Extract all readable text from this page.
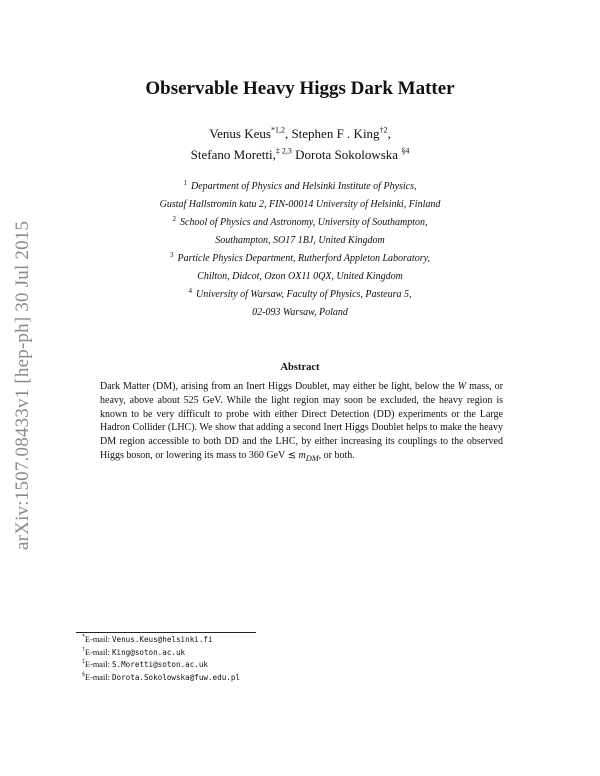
arXiv:1507.08433v1 [hep-ph] 30 Jul 2015
Observable Heavy Higgs Dark Matter
Venus Keus$^{*1,2}$, Stephen F . King$^{\dagger 2}$,
Stefano Moretti,$^{\ddagger 2,3}$ Dorota Sokolowska $^{\S 4}$
$^1$ Department of Physics and Helsinki Institute of Physics,
Gustaf Hallstromin katu 2, FIN-00014 University of Helsinki, Finland
$^2$ School of Physics and Astronomy, University of Southampton,
Southampton, SO17 1BJ, United Kingdom
$^3$ Particle Physics Department, Rutherford Appleton Laboratory,
Chilton, Didcot, Ozon OX11 0QX, United Kingdom
$^4$ University of Warsaw, Faculty of Physics, Pasteura 5,
02-093 Warsaw, Poland
Abstract
Dark Matter (DM), arising from an Inert Higgs Doublet, may either be light, below the W mass, or heavy, above about 525 GeV. While the light region may soon be excluded, the heavy region is known to be very difficult to probe with either Direct Detection (DD) experiments or the Large Hadron Collider (LHC). We show that adding a second Inert Higgs Doublet helps to make the heavy DM region accessible to both DD and the LHC, by either increasing its couplings to the observed Higgs boson, or lowering its mass to 360 GeV ≲ $m_{DM}$, or both.
*E-mail: Venus.Keus@helsinki.fi
†E-mail: King@soton.ac.uk
‡E-mail: S.Moretti@soton.ac.uk
§E-mail: Dorota.Sokolowska@fuw.edu.pl
